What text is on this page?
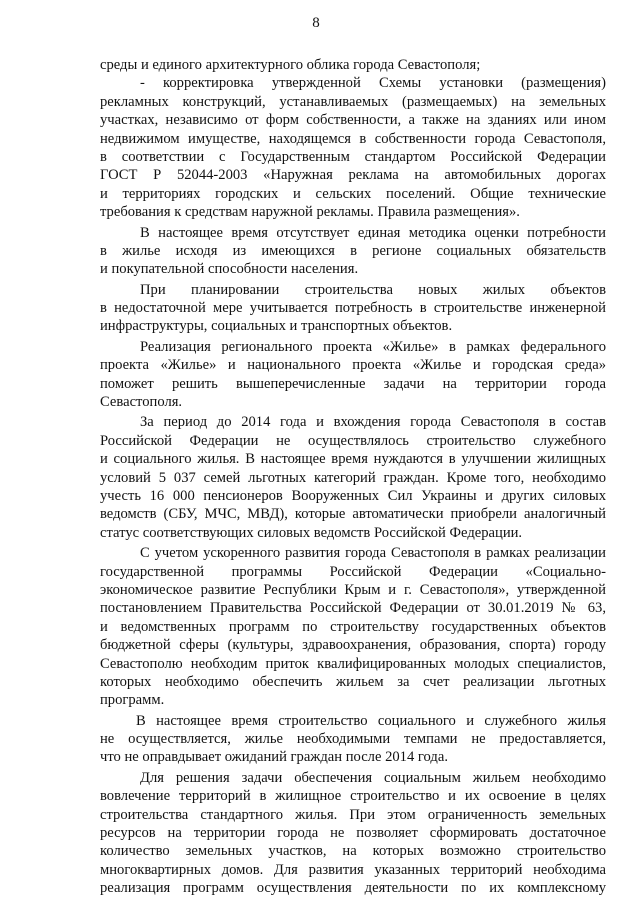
8
среды и единого архитектурного облика города Севастополя;
- корректировка утвержденной Схемы установки (размещения)
рекламных конструкций, устанавливаемых (размещаемых) на земельных
участках, независимо от форм собственности, а также на зданиях или ином
недвижимом имуществе, находящемся в собственности города Севастополя,
в соответствии с Государственным стандартом Российской Федерации
ГОСТ Р 52044-2003 «Наружная реклама на автомобильных дорогах
и территориях городских и сельских поселений. Общие технические
требования к средствам наружной рекламы. Правила размещения».
В настоящее время отсутствует единая методика оценки потребности
в жилье исходя из имеющихся в регионе социальных обязательств
и покупательной способности населения.
При планировании строительства новых жилых объектов
в недостаточной мере учитывается потребность в строительстве инженерной
инфраструктуры, социальных и транспортных объектов.
Реализация регионального проекта «Жилье» в рамках федерального
проекта «Жилье» и национального проекта «Жилье и городская среда»
поможет решить вышеперечисленные задачи на территории города
Севастополя.
За период до 2014 года и вхождения города Севастополя в состав
Российской Федерации не осуществлялось строительство служебного
и социального жилья. В настоящее время нуждаются в улучшении жилищных
условий 5 037 семей льготных категорий граждан. Кроме того, необходимо
учесть 16 000 пенсионеров Вооруженных Сил Украины и других силовых
ведомств (СБУ, МЧС, МВД), которые автоматически приобрели аналогичный
статус соответствующих силовых ведомств Российской Федерации.
С учетом ускоренного развития города Севастополя в рамках реализации
государственной программы Российской Федерации «Социально-
экономическое развитие Республики Крым и г. Севастополя», утвержденной
постановлением Правительства Российской Федерации от 30.01.2019 № 63,
и ведомственных программ по строительству государственных объектов
бюджетной сферы (культуры, здравоохранения, образования, спорта) городу
Севастополю необходим приток квалифицированных молодых специалистов,
которых необходимо обеспечить жильем за счет реализации льготных
программ.
В настоящее время строительство социального и служебного жилья
не осуществляется, жилье необходимыми темпами не предоставляется,
что не оправдывает ожиданий граждан после 2014 года.
Для решения задачи обеспечения социальным жильем необходимо
вовлечение территорий в жилищное строительство и их освоение в целях
строительства стандартного жилья. При этом ограниченность земельных
ресурсов на территории города не позволяет сформировать достаточное
количество земельных участков, на которых возможно строительство
многоквартирных домов. Для развития указанных территорий необходима
реализация программ осуществления деятельности по их комплексному
